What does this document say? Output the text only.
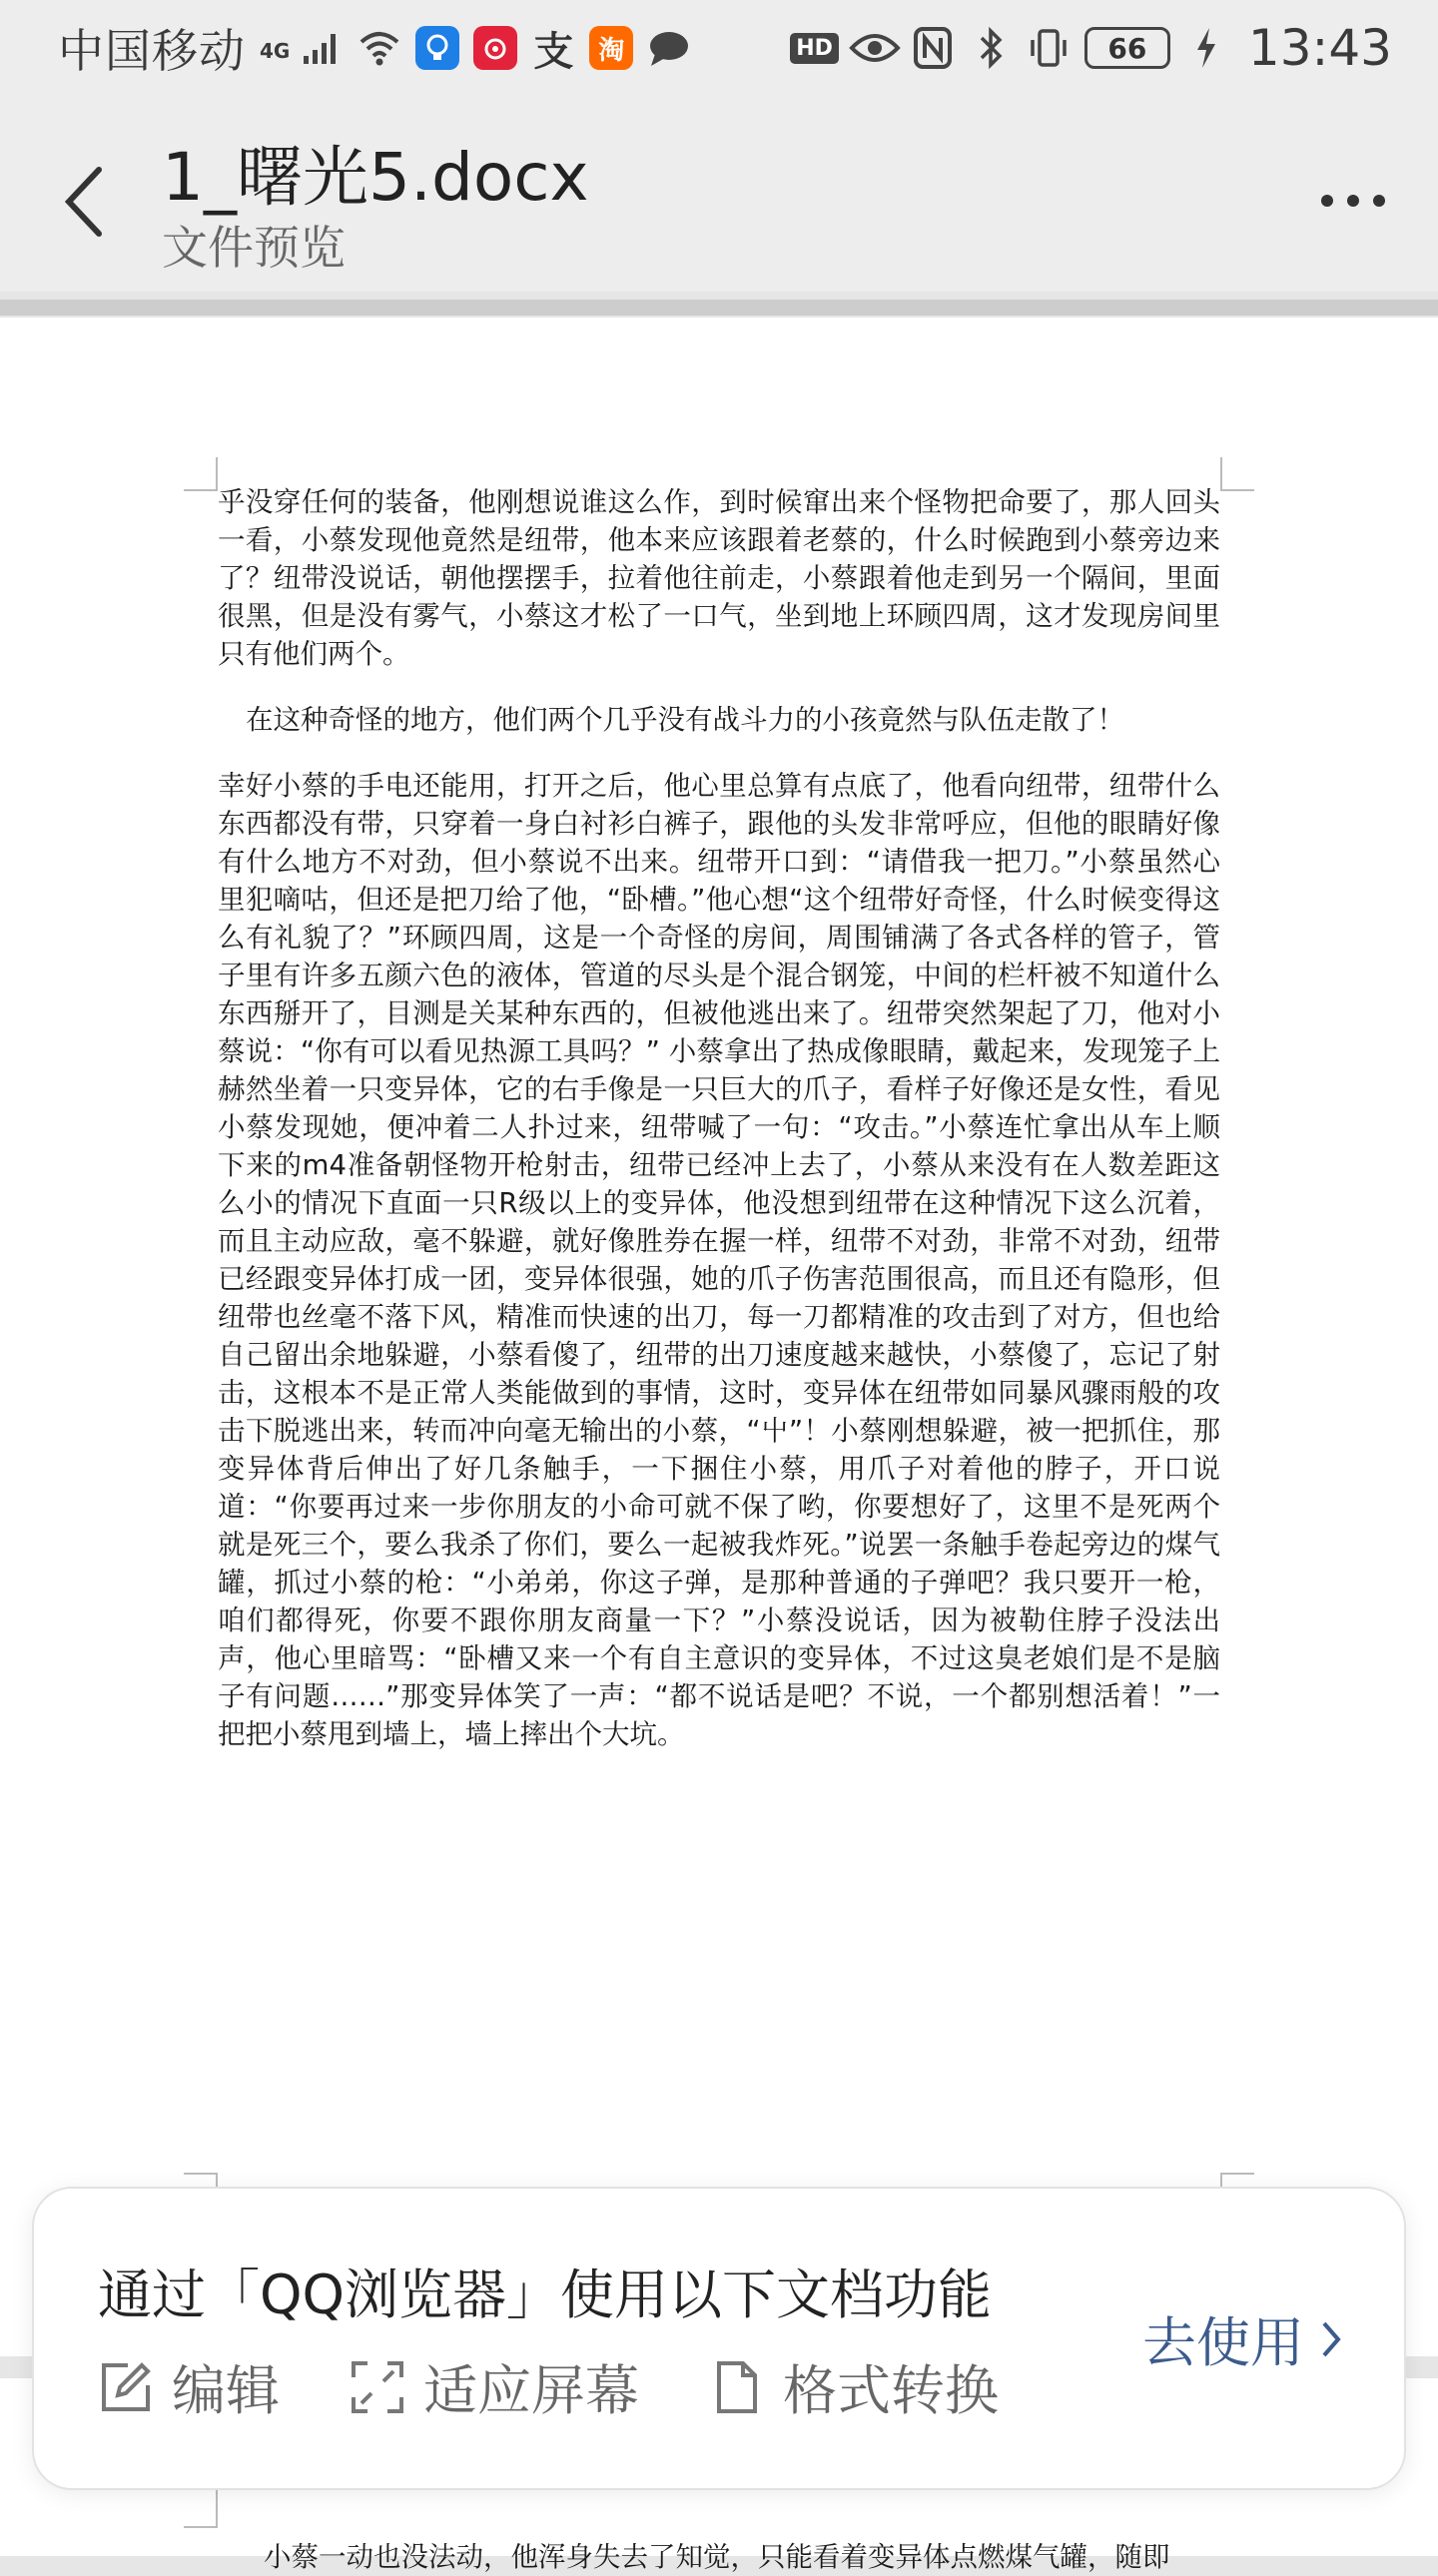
中国移动 4G	支 淘	HD	66	13:43
1_曙光5.docx
文件预览

乎没穿任何的装备，他刚想说谁这么作，到时候窜出来个怪物把命要了，那人回头一看，小蔡发现他竟然是纽带，他本来应该跟着老蔡的，什么时候跑到小蔡旁边来了？纽带没说话，朝他摆摆手，拉着他往前走，小蔡跟着他走到另一个隔间，里面很黑，但是没有雾气，小蔡这才松了一口气，坐到地上环顾四周，这才发现房间里只有他们两个。

在这种奇怪的地方，他们两个几乎没有战斗力的小孩竟然与队伍走散了！

幸好小蔡的手电还能用，打开之后，他心里总算有点底了，他看向纽带，纽带什么东西都没有带，只穿着一身白衬衫白裤子，跟他的头发非常呼应，但他的眼睛好像有什么地方不对劲，但小蔡说不出来。纽带开口到：“请借我一把刀。”小蔡虽然心里犯嘀咕，但还是把刀给了他，“卧槽。”他心想“这个纽带好奇怪，什么时候变得这么有礼貌了？”环顾四周，这是一个奇怪的房间，周围铺满了各式各样的管子，管子里有许多五颜六色的液体，管道的尽头是个混合钢笼，中间的栏杆被不知道什么东西掰开了，目测是关某种东西的，但被他逃出来了。纽带突然架起了刀，他对小蔡说：“你有可以看见热源工具吗？” 小蔡拿出了热成像眼睛，戴起来，发现笼子上赫然坐着一只变异体，它的右手像是一只巨大的爪子，看样子好像还是女性，看见小蔡发现她，便冲着二人扑过来，纽带喊了一句：“攻击。”小蔡连忙拿出从车上顺下来的m4准备朝怪物开枪射击，纽带已经冲上去了，小蔡从来没有在人数差距这么小的情况下直面一只R级以上的变异体，他没想到纽带在这种情况下这么沉着，而且主动应敌，毫不躲避，就好像胜券在握一样，纽带不对劲，非常不对劲，纽带已经跟变异体打成一团，变异体很强，她的爪子伤害范围很高，而且还有隐形，但纽带也丝毫不落下风，精准而快速的出刀，每一刀都精准的攻击到了对方，但也给自己留出余地躲避，小蔡看傻了，纽带的出刀速度越来越快，小蔡傻了，忘记了射击，这根本不是正常人类能做到的事情，这时，变异体在纽带如同暴风骤雨般的攻击下脱逃出来，转而冲向毫无输出的小蔡，“屮”！小蔡刚想躲避，被一把抓住，那变异体背后伸出了好几条触手，一下捆住小蔡，用爪子对着他的脖子，开口说道：“你要再过来一步你朋友的小命可就不保了哟，你要想好了，这里不是死两个就是死三个，要么我杀了你们，要么一起被我炸死。”说罢一条触手卷起旁边的煤气罐，抓过小蔡的枪：“小弟弟，你这子弹，是那种普通的子弹吧？我只要开一枪，咱们都得死，你要不跟你朋友商量一下？”小蔡没说话，因为被勒住脖子没法出声，他心里暗骂：“卧槽又来一个有自主意识的变异体，不过这臭老娘们是不是脑子有问题……”那变异体笑了一声：“都不说话是吧？不说，一个都别想活着！”一把把小蔡甩到墙上，墙上摔出个大坑。

小蔡一动也没法动，他浑身失去了知觉，只能看着变异体点燃煤气罐，随即
通过「QQ浏览器」使用以下文档功能
编辑	适应屏幕	格式转换
去使用
